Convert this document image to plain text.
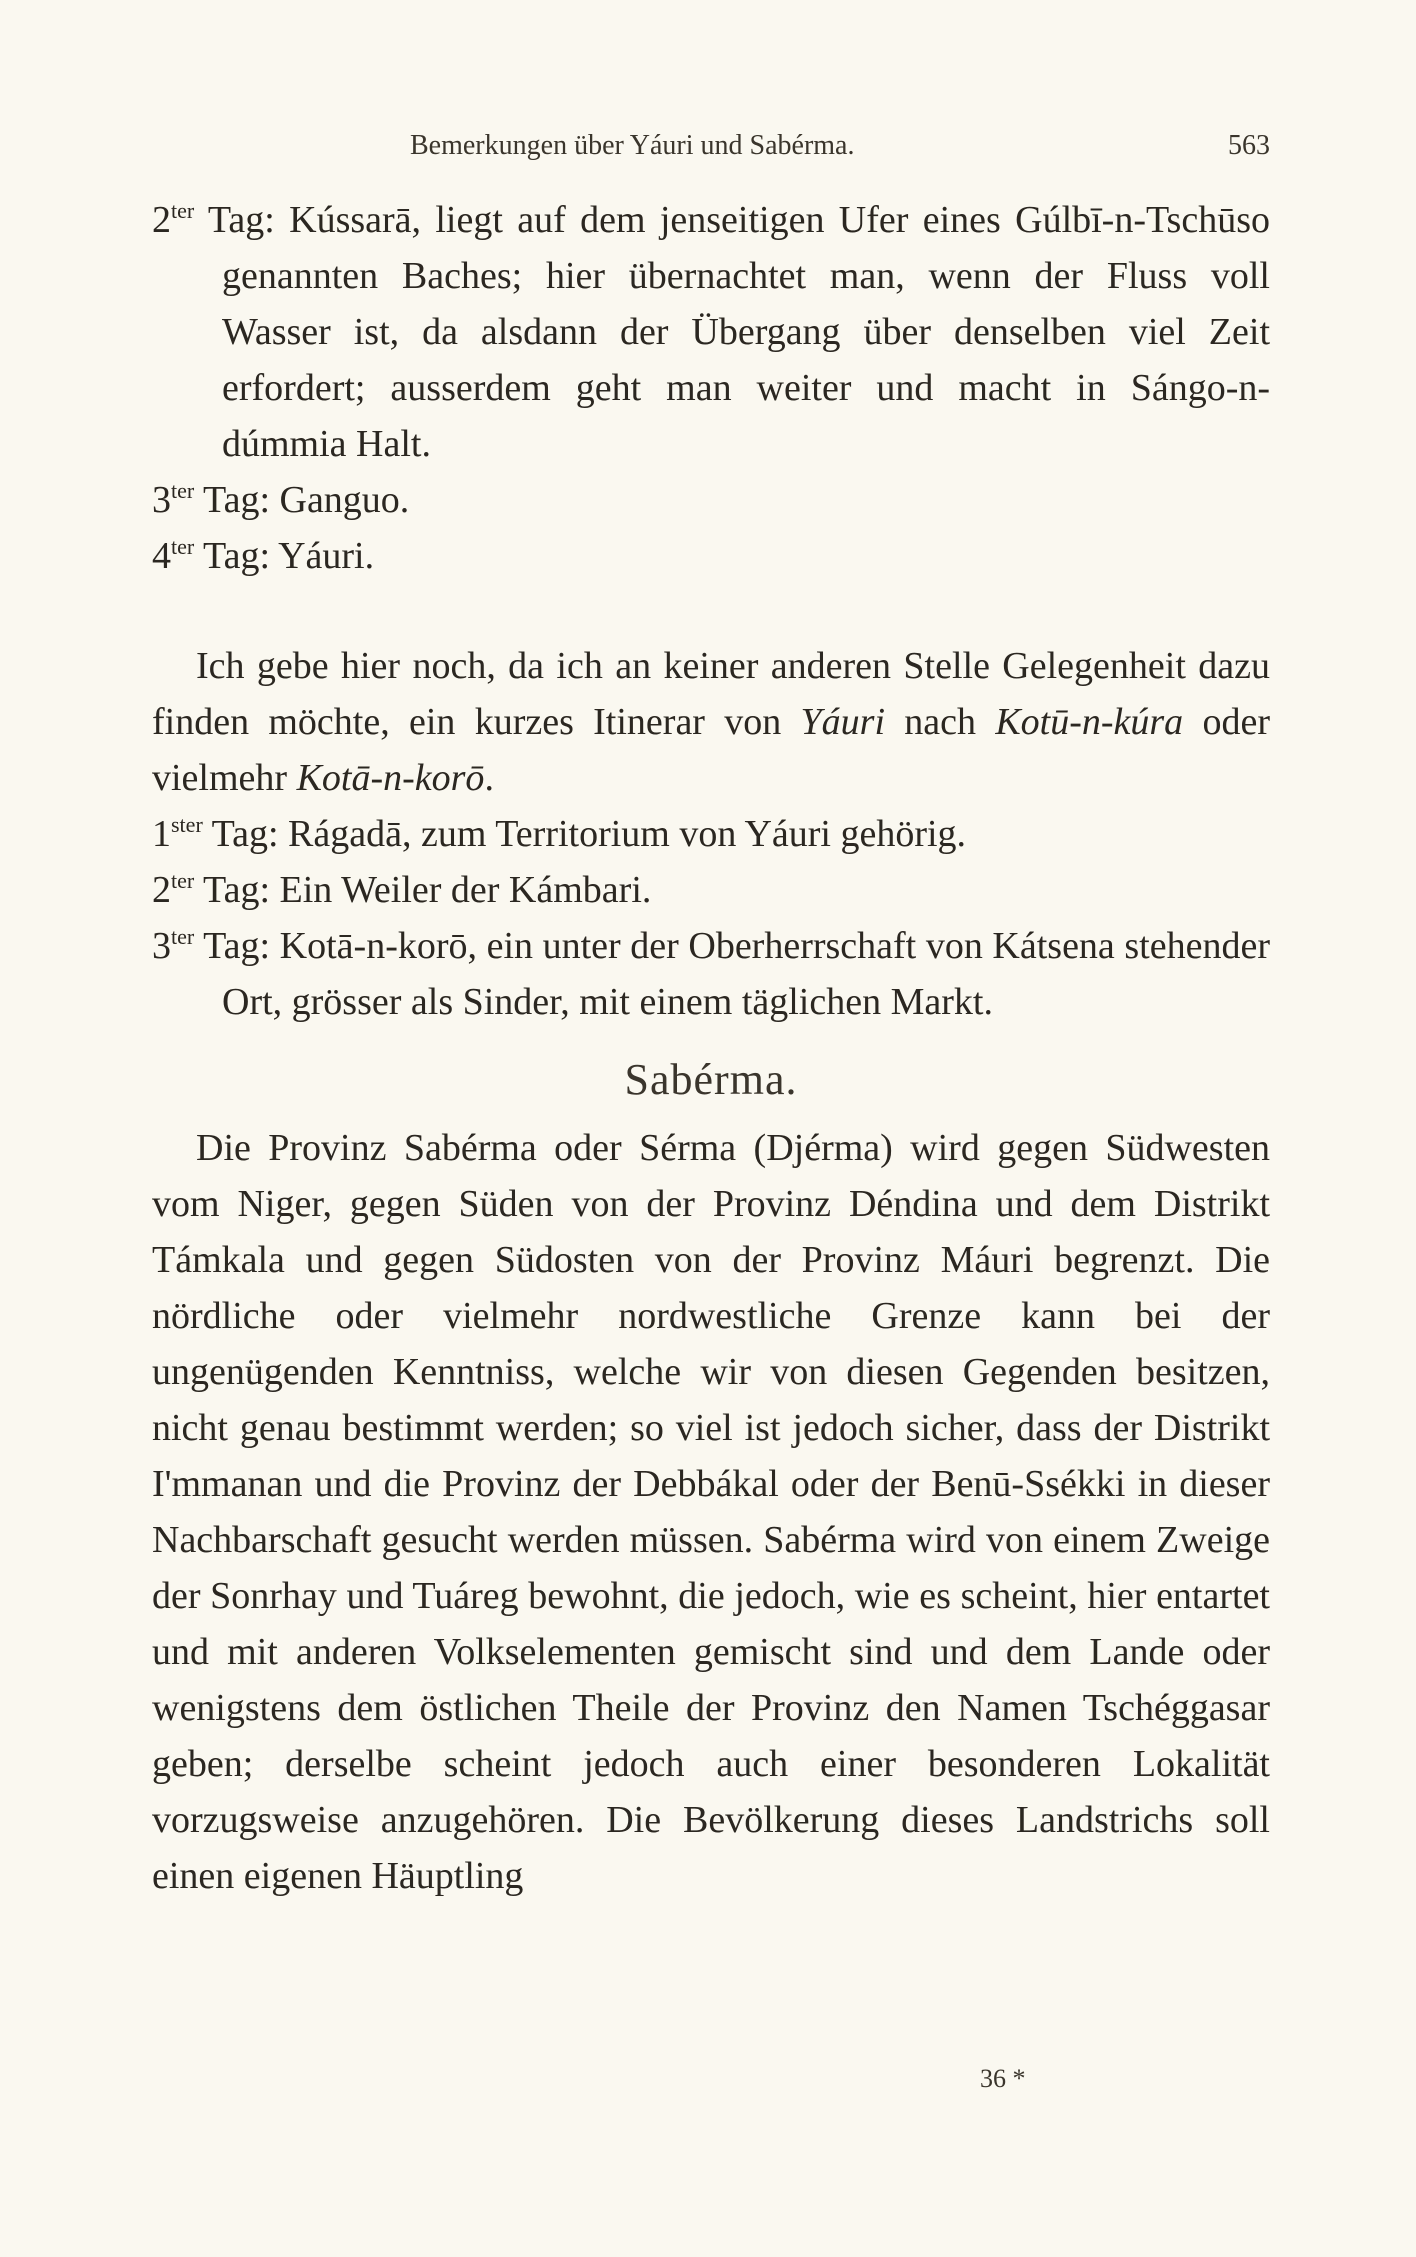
Bemerkungen über Yáuri und Sabérma.	563

$2^{ter}$ Tag: Kússarā, liegt auf dem jenseitigen Ufer eines Gúlbī-n-Tschūso genannten Baches; hier übernachtet man, wenn der Fluss voll Wasser ist, da alsdann der Übergang über denselben viel Zeit erfordert; ausserdem geht man weiter und macht in Sángo-n-dúmmia Halt.

$3^{ter}$ Tag: Ganguo.

$4^{ter}$ Tag: Yáuri.

Ich gebe hier noch, da ich an keiner anderen Stelle Gelegenheit dazu finden möchte, ein kurzes Itinerar von Yáuri nach Kotū-n-kúra oder vielmehr Kotā-n-korō.

$1^{ster}$ Tag: Rágadā, zum Territorium von Yáuri gehörig.

$2^{ter}$ Tag: Ein Weiler der Kámbari.

$3^{ter}$ Tag: Kotā-n-korō, ein unter der Oberherrschaft von Kátsena stehender Ort, grösser als Sinder, mit einem täglichen Markt.

Sabérma.

Die Provinz Sabérma oder Sérma (Djérma) wird gegen Südwesten vom Niger, gegen Süden von der Provinz Déndina und dem Distrikt Támkala und gegen Südosten von der Provinz Máuri begrenzt. Die nördliche oder vielmehr nordwestliche Grenze kann bei der ungenügenden Kenntniss, welche wir von diesen Gegenden besitzen, nicht genau bestimmt werden; so viel ist jedoch sicher, dass der Distrikt I'mmanan und die Provinz der Debbákal oder der Benū-Ssékki in dieser Nachbarschaft gesucht werden müssen. Sabérma wird von einem Zweige der Sonrhay und Tuáreg bewohnt, die jedoch, wie es scheint, hier entartet und mit anderen Volkselementen gemischt sind und dem Lande oder wenigstens dem östlichen Theile der Provinz den Namen Tschéggasar geben; derselbe scheint jedoch auch einer besonderen Lokalität vorzugsweise anzugehören. Die Bevölkerung dieses Landstrichs soll einen eigenen Häuptling

36 *
